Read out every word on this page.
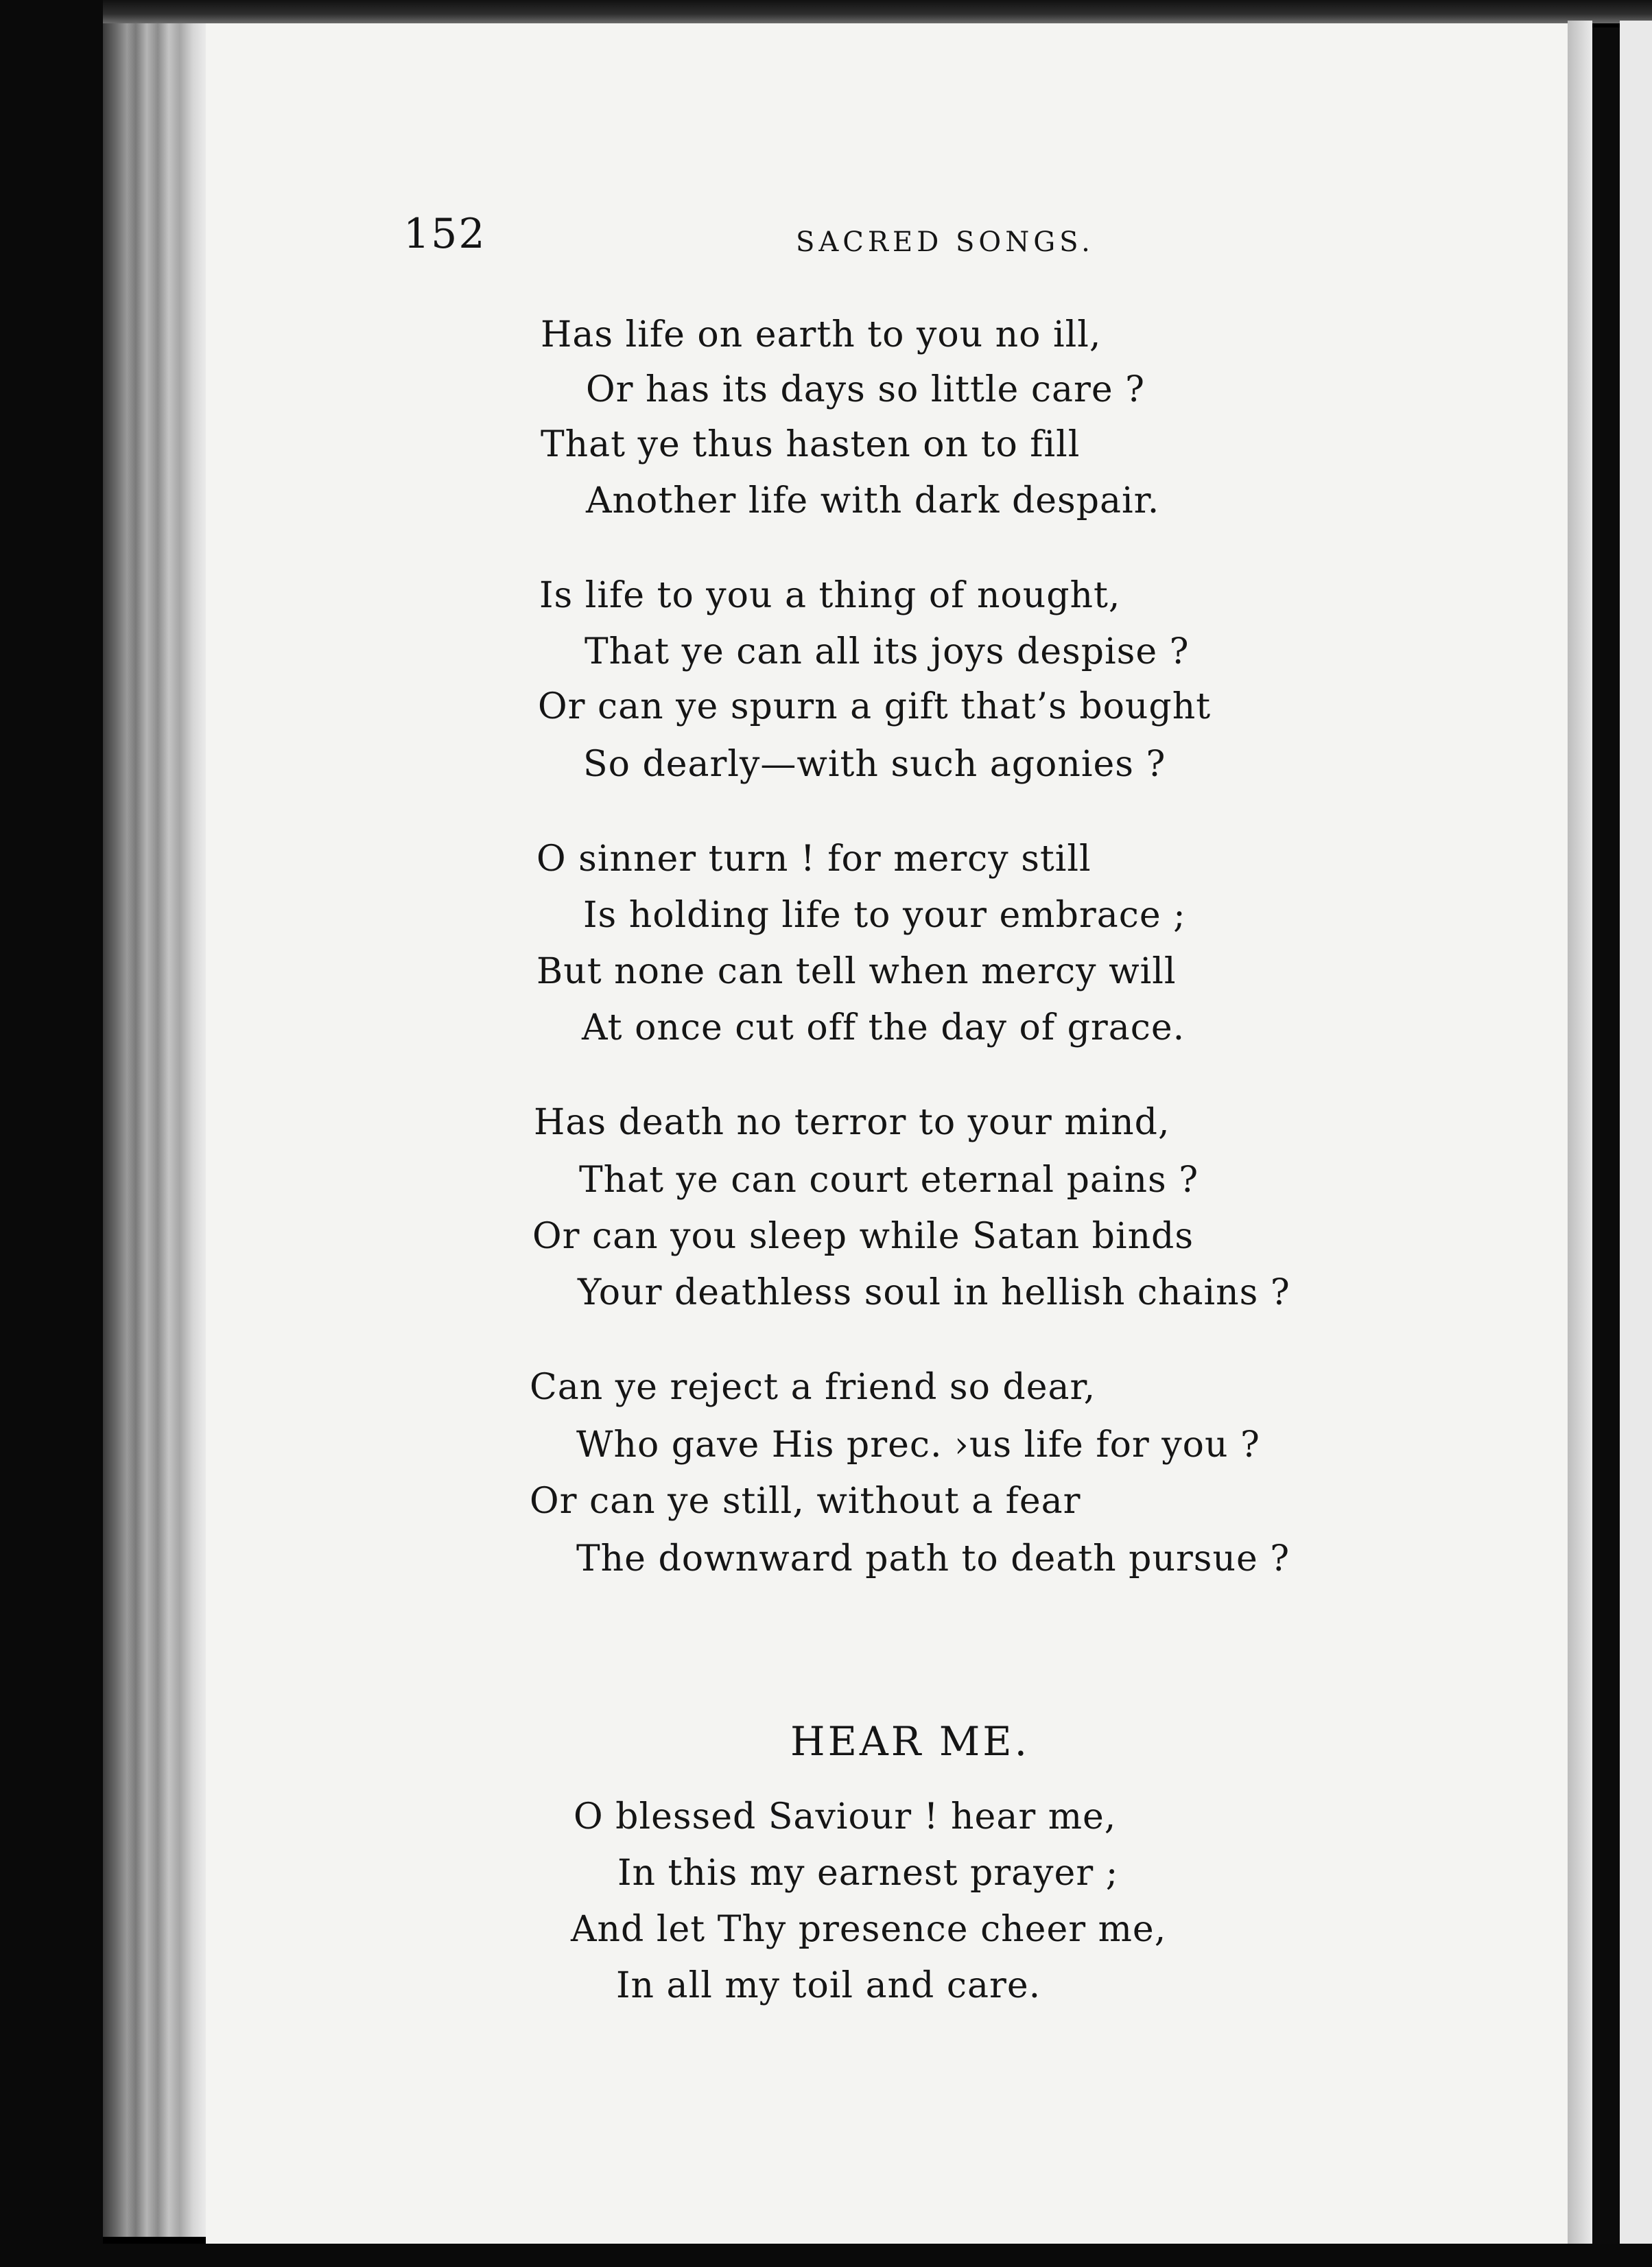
152	SACRED SONGS.
Has life on earth to you no ill,
Or has its days so little care ?
That ye thus hasten on to fill
Another life with dark despair.
Is life to you a thing of nought,
That ye can all its joys despise ?
Or can ye spurn a gift that’s bought
So dearly—with such agonies ?
O sinner turn ! for mercy still
Is holding life to your embrace ;
But none can tell when mercy will
At once cut off the day of grace.
Has death no terror to your mind,
That ye can court eternal pains ?
Or can you sleep while Satan binds
Your deathless soul in hellish chains ?
Can ye reject a friend so dear,
Who gave His prec. ›us life for you ?
Or can ye still, without a fear
The downward path to death pursue ?
HEAR ME.
O blessed Saviour ! hear me,
In this my earnest prayer ;
And let Thy presence cheer me,
In all my toil and care.
